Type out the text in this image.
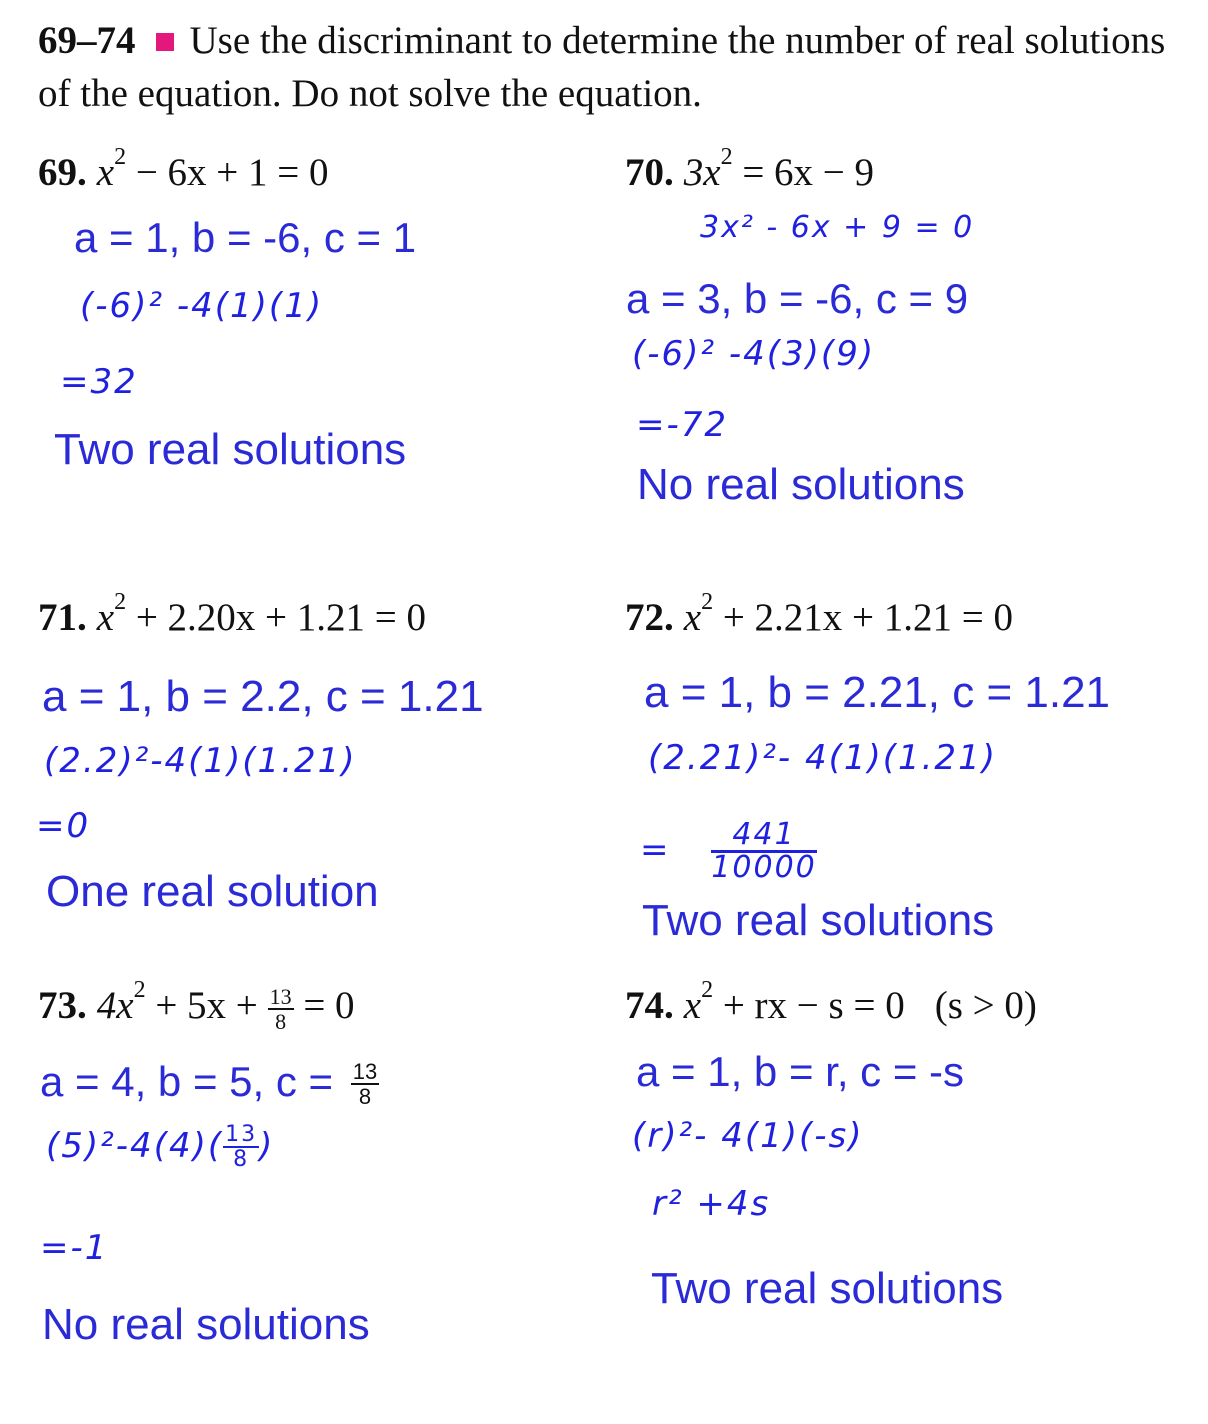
69–74 Use the discriminant to determine the number of real solutions of the equation. Do not solve the equation.
69. $x^2 - 6x + 1 = 0$
a = 1, b = -6, c = 1
(-6)² -4(1)(1)
=32
Two real solutions
70. $3x^2 = 6x - 9$
3x² - 6x + 9 = 0
a = 3, b = -6, c = 9
(-6)² -4(3)(9)
=-72
No real solutions
71. $x^2 + 2.20x + 1.21 = 0$
a = 1, b = 2.2, c = 1.21
(2.2)²-4(1)(1.21)
=0
One real solution
72. $x^2 + 2.21x + 1.21 = 0$
a = 1, b = 2.21, c = 1.21
(2.21)²- 4(1)(1.21)
= $\frac{441}{10000}$
Two real solutions
73. $4x^2 + 5x + \frac{13}{8} = 0$
a = 4, b = 5, $c = \frac{13}{8}$
$(5)^2-4(4)( \frac{13}{8}$ )
=-1
No real solutions
74. $x^2$ + rx − s = 0 (s > 0)
a = 1, b = r, c = -s
(r)²- 4(1)(-s)
r² +4s
Two real solutions
